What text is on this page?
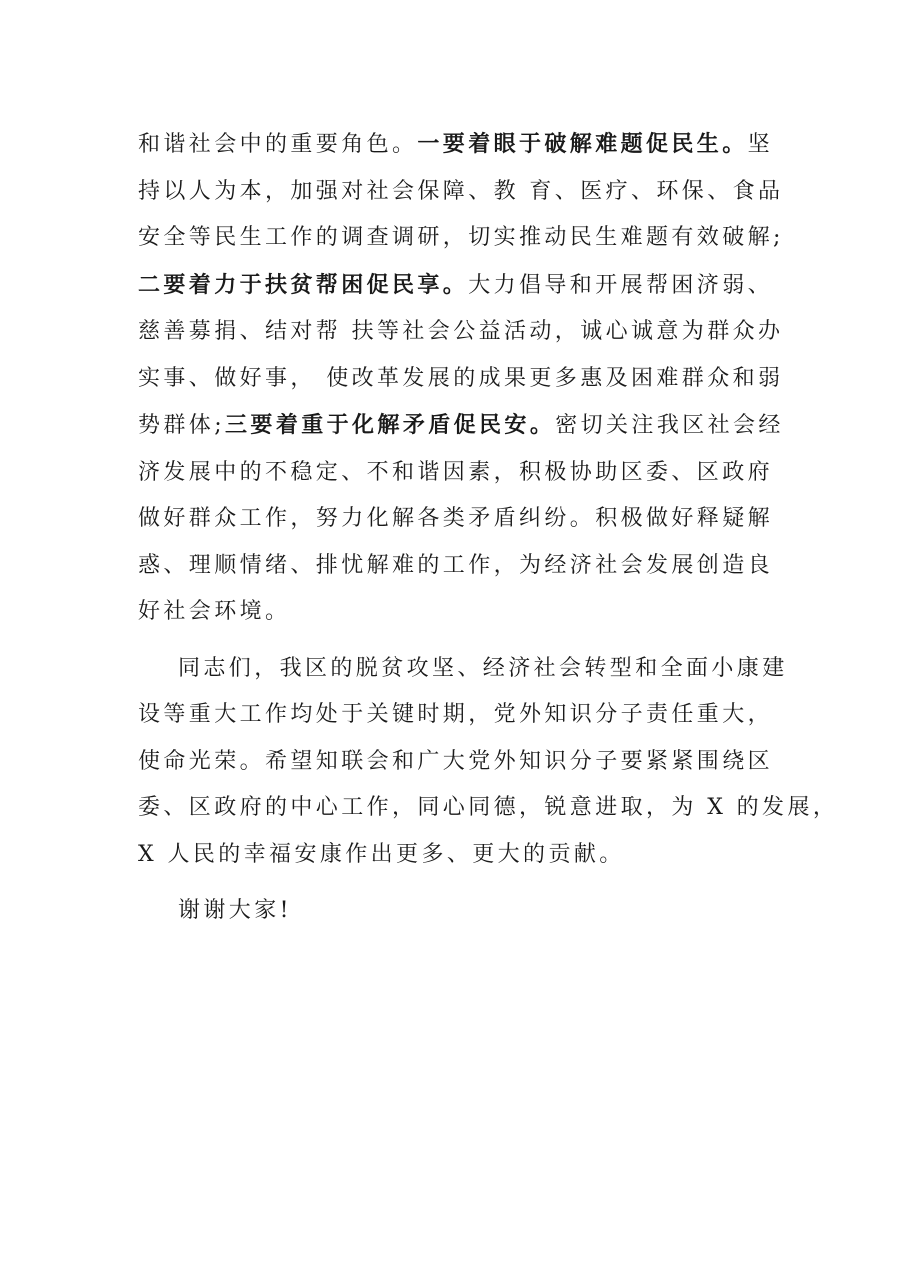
和谐社会中的重要角色。一要着眼于破解难题促民生。坚
持以人为本，加强对社会保障、教 育、医疗、环保、食品
安全等民生工作的调查调研，切实推动民生难题有效破解;
二要着力于扶贫帮困促民享。大力倡导和开展帮困济弱、
慈善募捐、结对帮 扶等社会公益活动，诚心诚意为群众办
实事、做好事， 使改革发展的成果更多惠及困难群众和弱
势群体;三要着重于化解矛盾促民安。密切关注我区社会经
济发展中的不稳定、不和谐因素，积极协助区委、区政府
做好群众工作，努力化解各类矛盾纠纷。积极做好释疑解
惑、理顺情绪、排忧解难的工作，为经济社会发展创造良
好社会环境。

同志们，我区的脱贫攻坚、经济社会转型和全面小康建
设等重大工作均处于关键时期，党外知识分子责任重大，
使命光荣。希望知联会和广大党外知识分子要紧紧围绕区
委、区政府的中心工作，同心同德，锐意进取，为 X 的发展，
X 人民的幸福安康作出更多、更大的贡献。

谢谢大家!
